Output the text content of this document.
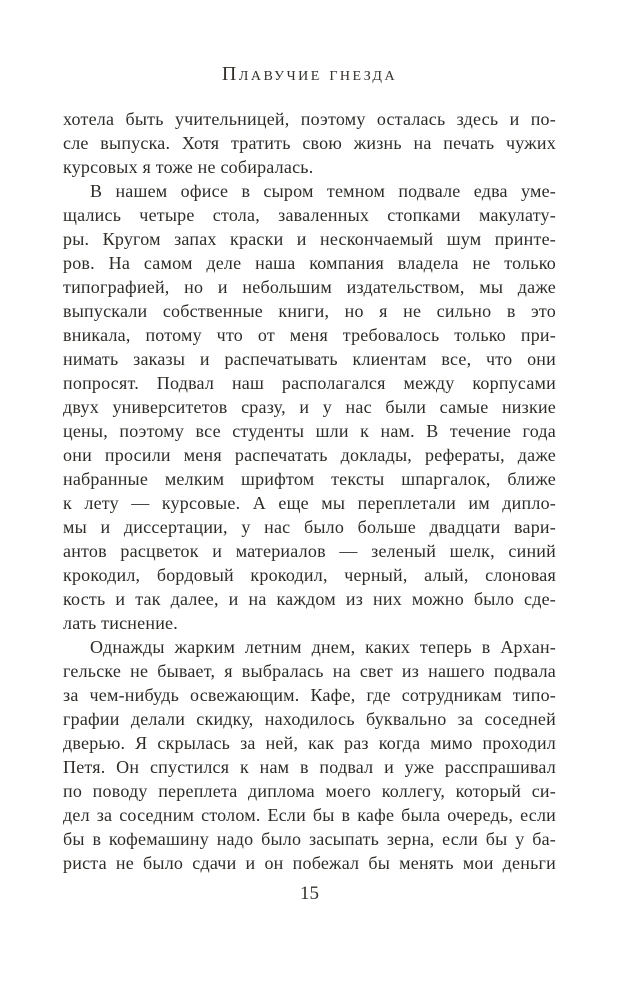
Плавучие гнезда
хотела быть учительницей, поэтому осталась здесь и по-
сле выпуска. Хотя тратить свою жизнь на печать чужих
курсовых я тоже не собиралась.
В нашем офисе в сыром темном подвале едва уме-
щались четыре стола, заваленных стопками макулату-
ры. Кругом запах краски и нескончаемый шум принте-
ров. На самом деле наша компания владела не только
типографией, но и небольшим издательством, мы даже
выпускали собственные книги, но я не сильно в это
вникала, потому что от меня требовалось только при-
нимать заказы и распечатывать клиентам все, что они
попросят. Подвал наш располагался между корпусами
двух университетов сразу, и у нас были самые низкие
цены, поэтому все студенты шли к нам. В течение года
они просили меня распечатать доклады, рефераты, даже
набранные мелким шрифтом тексты шпаргалок, ближе
к лету — курсовые. А еще мы переплетали им дипло-
мы и диссертации, у нас было больше двадцати вари-
антов расцветок и материалов — зеленый шелк, синий
крокодил, бордовый крокодил, черный, алый, слоновая
кость и так далее, и на каждом из них можно было сде-
лать тиснение.
Однажды жарким летним днем, каких теперь в Архан-
гельске не бывает, я выбралась на свет из нашего подвала
за чем-нибудь освежающим. Кафе, где сотрудникам типо-
графии делали скидку, находилось буквально за соседней
дверью. Я скрылась за ней, как раз когда мимо проходил
Петя. Он спустился к нам в подвал и уже расспрашивал
по поводу переплета диплома моего коллегу, который си-
дел за соседним столом. Если бы в кафе была очередь, если
бы в кофемашину надо было засыпать зерна, если бы у ба-
риста не было сдачи и он побежал бы менять мои деньги
15
